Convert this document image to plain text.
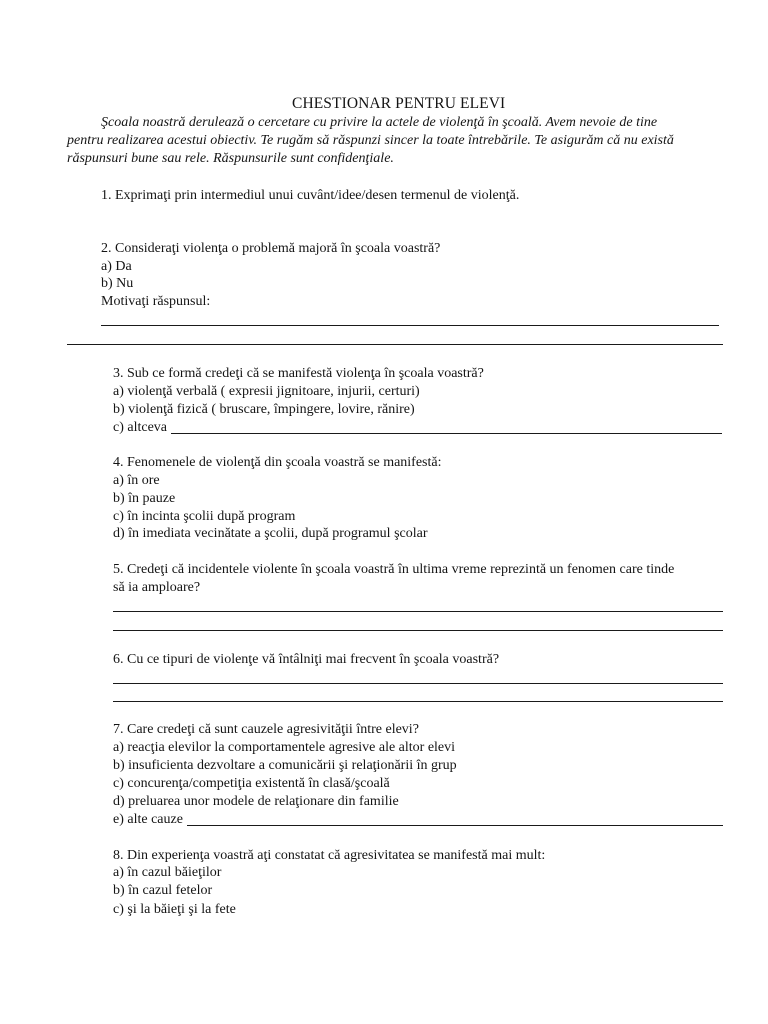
CHESTIONAR PENTRU ELEVI
Şcoala noastră derulează o cercetare cu privire la actele de violenţă în şcoală. Avem nevoie de tine
pentru realizarea acestui obiectiv. Te rugăm să răspunzi sincer la toate întrebările. Te asigurăm că nu există
răspunsuri bune sau rele. Răspunsurile sunt confidenţiale.
1. Exprimaţi prin intermediul unui cuvânt/idee/desen termenul de violenţă.
2. Consideraţi violenţa o problemă majoră în şcoala voastră?
a) Da
b) Nu
Motivaţi răspunsul:
3. Sub ce formă credeţi că se manifestă violenţa în şcoala voastră?
a) violenţă verbală ( expresii jignitoare, injurii, certuri)
b) violenţă fizică ( bruscare, împingere, lovire, rănire)
c) altceva
4. Fenomenele de violenţă din şcoala voastră se manifestă:
a) în ore
b) în pauze
c) în incinta şcolii după program
d) în imediata vecinătate a şcolii, după programul şcolar
5. Credeţi că incidentele violente în şcoala voastră în ultima vreme reprezintă un fenomen care tinde
să ia amploare?
6. Cu ce tipuri de violenţe vă întâlniţi mai frecvent în şcoala voastră?
7. Care credeţi că sunt cauzele agresivităţii între elevi?
a) reacţia elevilor la comportamentele agresive ale altor elevi
b) insuficienta dezvoltare a comunicării şi relaţionării în grup
c) concurenţa/competiţia existentă în clasă/şcoală
d) preluarea unor modele de relaţionare din familie
e) alte cauze
8. Din experienţa voastră aţi constatat că agresivitatea se manifestă mai mult:
a) în cazul băieţilor
b) în cazul fetelor
c) şi la băieţi şi la fete
